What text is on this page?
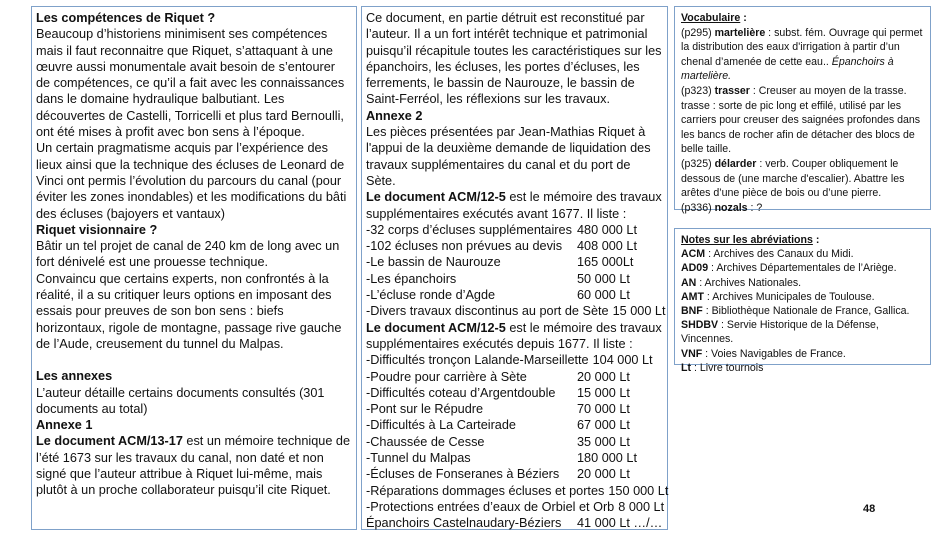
Les compétences de Riquet ?

Beaucoup d’historiens minimisent ses compétences mais il faut reconnaitre que Riquet, s’attaquant à une œuvre aussi monumentale avait besoin de s’entourer de compétences, ce qu’il a fait avec les connaissances dans le domaine hydraulique balbutiant. Les découvertes de Castelli, Torricelli et plus tard Bernoulli, ont été mises à profit avec bon sens à l’époque.

Un certain pragmatisme acquis par l’expérience des lieux ainsi que la technique des écluses de Leonard de Vinci ont permis l’évolution du parcours du canal (pour éviter les zones inondables) et les modifications du bâti des écluses (bajoyers et vantaux)

Riquet visionnaire ?

Bâtir un tel projet de canal de 240 km de long avec un fort dénivelé est une prouesse technique.

Convaincu que certains experts, non confrontés à la réalité, il a su critiquer leurs options en imposant des essais pour preuves de son bon sens : biefs horizontaux, rigole de montagne, passage rive gauche de l’Aude, creusement du tunnel du Malpas.

Les annexes

L’auteur détaille certains documents consultés (301 documents au total)

Annexe 1

Le document ACM/13-17 est un mémoire technique de l’été 1673 sur les travaux du canal, non daté et non signé que l’auteur attribue à Riquet lui-même, mais plutôt à un proche collaborateur puisqu’il cite Riquet.

Ce document, en partie détruit est reconstitué par l’auteur. Il a un fort intérêt technique et patrimonial puisqu’il récapitule toutes les caractéristiques sur les épanchoirs, les écluses, les portes d’écluses, les ferrements, le bassin de Naurouze, le bassin de Saint-Ferréol, les réflexions sur les travaux.

Annexe 2

Les pièces présentées par Jean-Mathias Riquet à l'appui de la deuxième demande de liquidation des travaux supplémentaires du canal et du port de Sète.

Le document ACM/12-5 est le mémoire des travaux supplémentaires exécutés avant 1677. Il liste :

-32 corps d’écluses supplémentaires 480 000 Lt
-102 écluses non prévues au devis	408 000 Lt
-Le bassin de Naurouze	165 000Lt
-Les épanchoirs	50 000 Lt
-L’écluse ronde d’Agde	60 000 Lt
-Divers travaux discontinus au port de Sète 15 000 Lt

Le document ACM/12-5 est le mémoire des travaux supplémentaires exécutés depuis 1677. Il liste :

-Difficultés tronçon Lalande-Marseillette 104 000 Lt
-Poudre pour carrière à Sète	20 000 Lt
-Difficultés coteau d’Argentdouble	15 000 Lt
-Pont sur le Répudre	70 000 Lt
-Difficultés à La Carteirade	67 000 Lt
-Chaussée de Cesse	35 000 Lt
-Tunnel du Malpas	180 000 Lt
-Écluses de Fonseranes à Béziers	20 000 Lt
-Réparations dommages écluses et portes 150 000 Lt
-Protections entrées d’eaux de Orbiel et Orb 8 000 Lt
Épanchoirs Castelnaudary-Béziers	41 000 Lt …/…

Vocabulaire :

(p295) martelière : subst. fém. Ouvrage qui permet la distribution des eaux d'irrigation à partir d’un chenal d’amenée de cette eau.. Épanchoirs à martelière.

(p323) trasser : Creuser au moyen de la trasse.

trasse : sorte de pic long et effilé, utilisé par les carriers pour creuser des saignées profondes dans les bancs de rocher afin de détacher des blocs de belle taille.

(p325) délarder : verb. Couper obliquement le dessous de (une marche d'escalier). Abattre les arêtes d’une pièce de bois ou d’une pierre.

(p336) nozals : ?

Notes sur les abréviations :

ACM : Archives des Canaux du Midi.

AD09 : Archives Départementales de l’Ariège.

AN : Archives Nationales.

AMT : Archives Municipales de Toulouse.

BNF : Bibliothèque Nationale de France, Gallica.

SHDBV : Servie Historique de la Défense, Vincennes.

VNF : Voies Navigables de France.

Lt : Livre tournois

48
